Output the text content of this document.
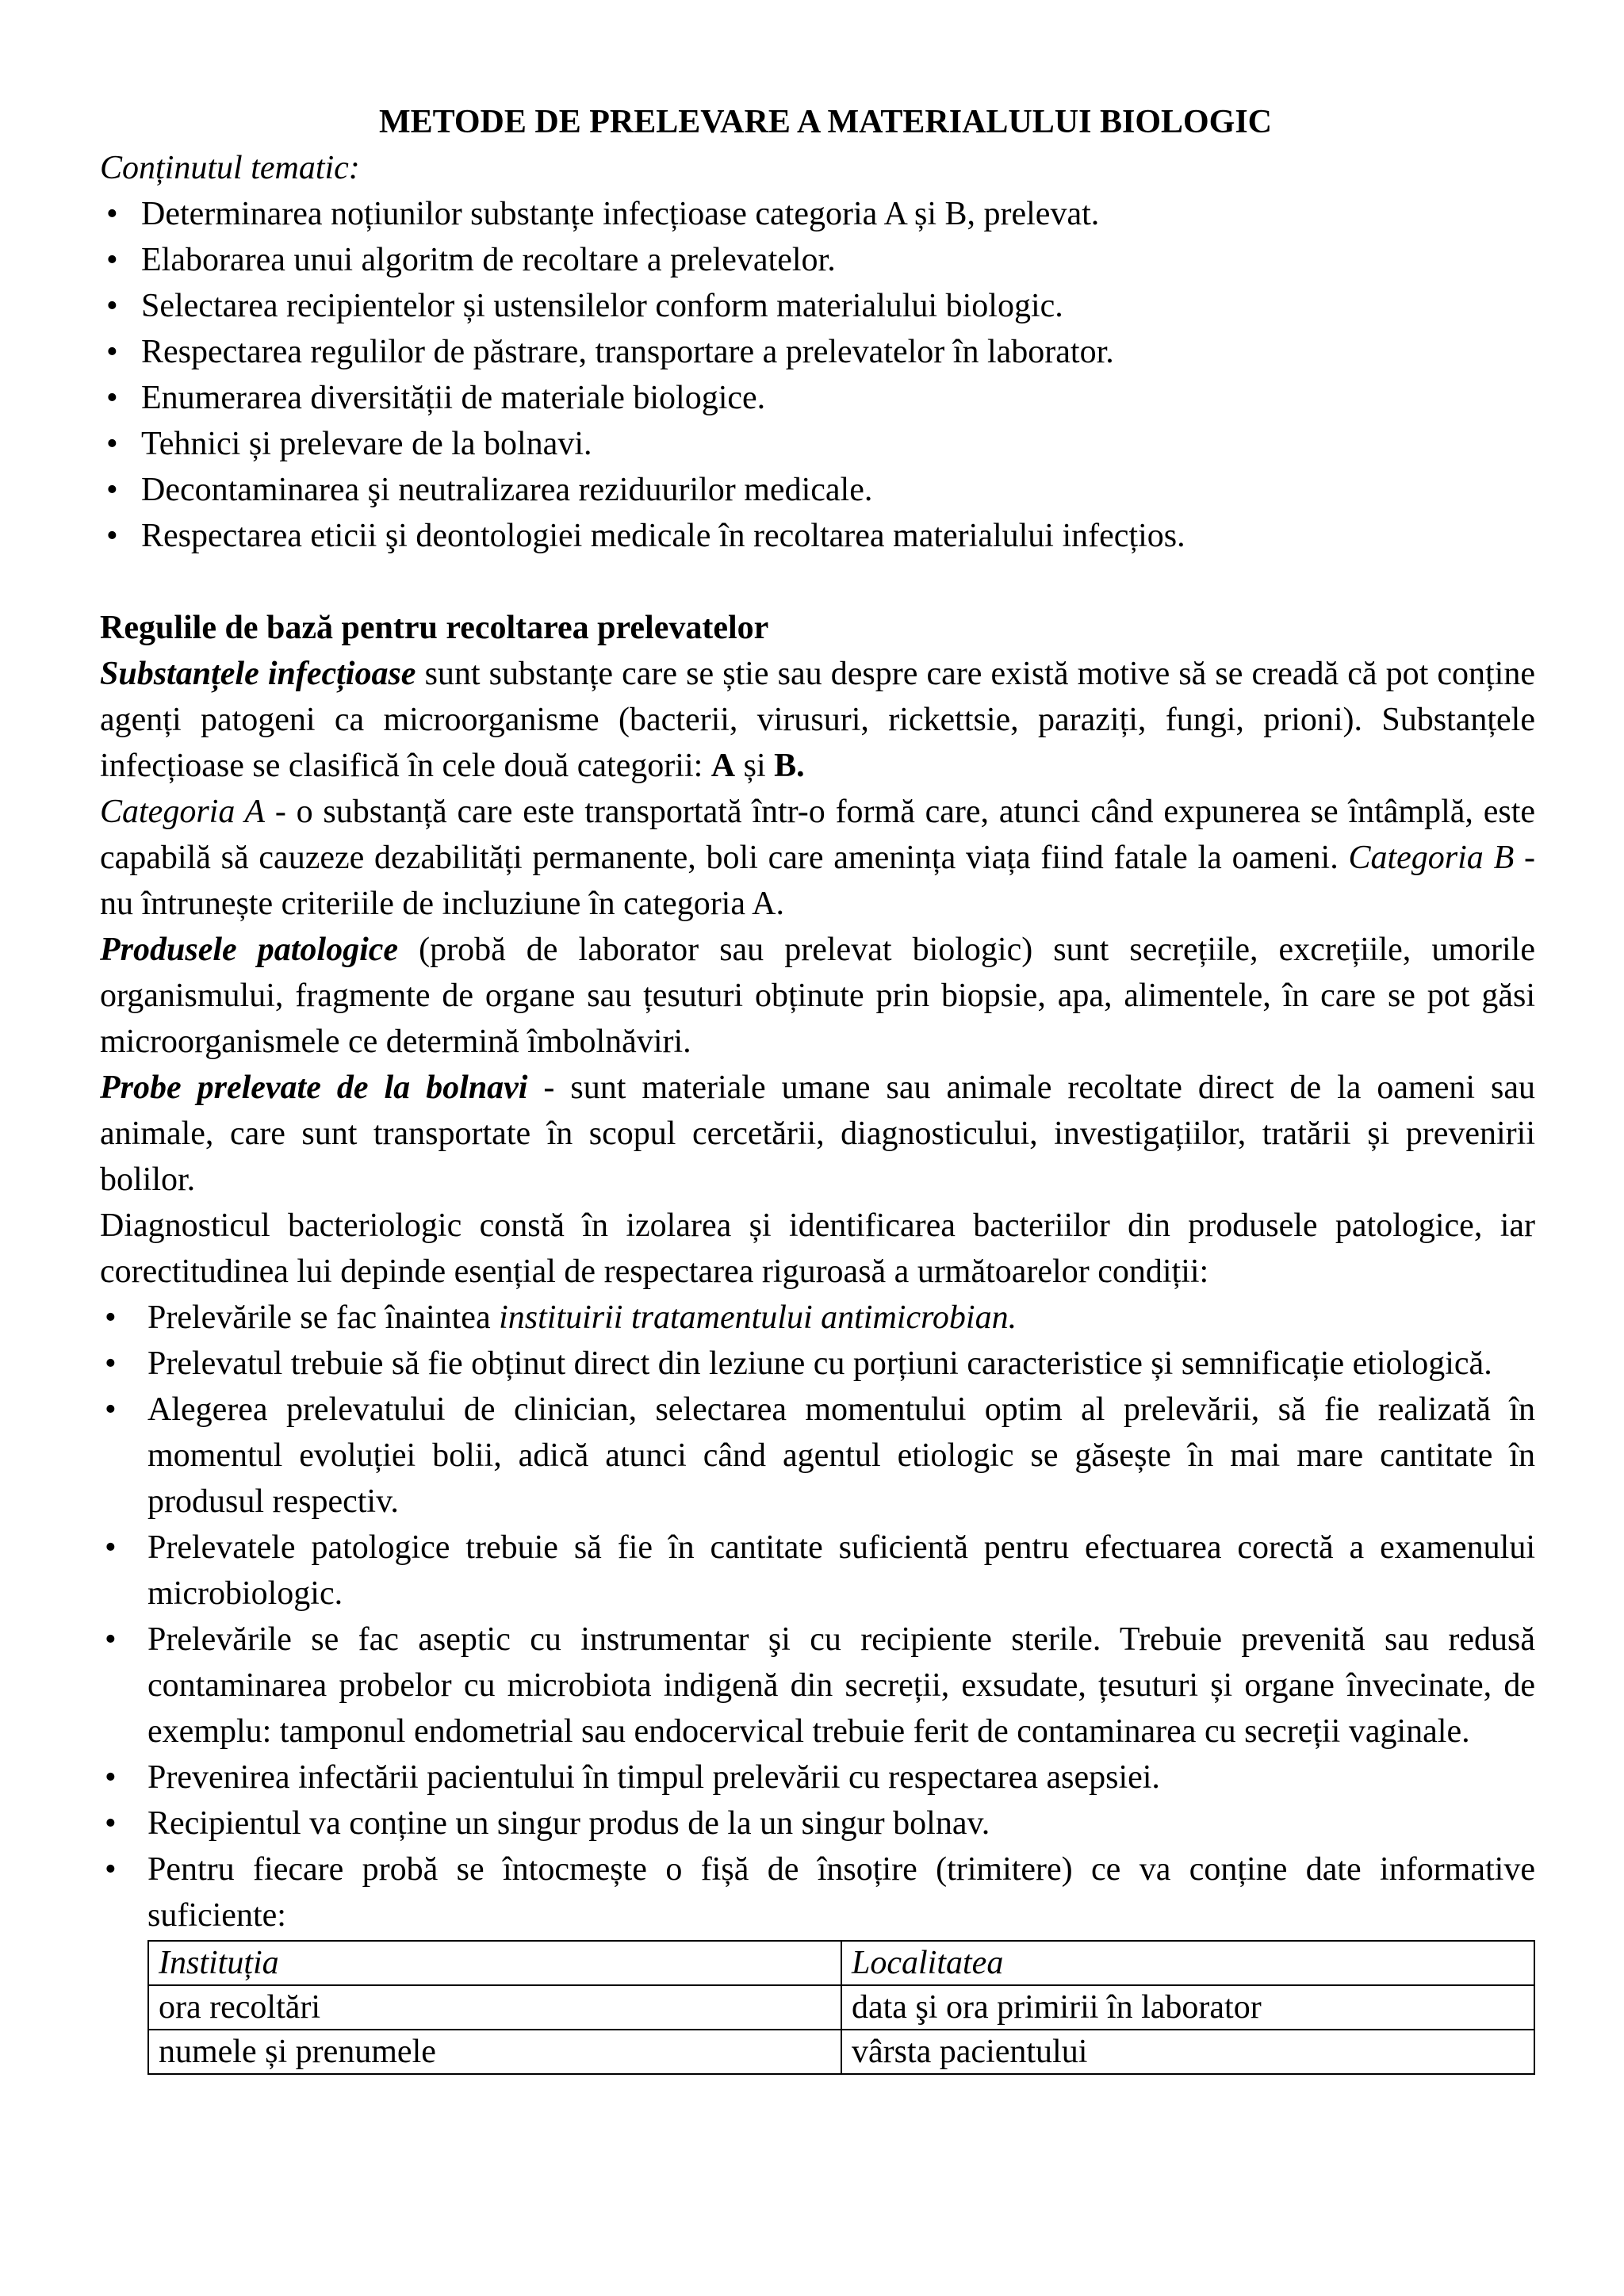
METODE DE PRELEVARE A MATERIALULUI BIOLOGIC

Conținutul tematic:

• Determinarea noțiunilor substanțe infecțioase categoria A și B, prelevat.
• Elaborarea unui algoritm de recoltare a prelevatelor.
• Selectarea recipientelor și ustensilelor conform materialului biologic.
• Respectarea regulilor de păstrare, transportare a prelevatelor în laborator.
• Enumerarea diversității de materiale biologice.
• Tehnici și prelevare de la bolnavi.
• Decontaminarea şi neutralizarea reziduurilor medicale.
• Respectarea eticii şi deontologiei medicale în recoltarea materialului infecțios.

Regulile de bază pentru recoltarea prelevatelor

Substanțele infecțioase sunt substanțe care se știe sau despre care există motive să se creadă că pot conține agenți patogeni ca microorganisme (bacterii, virusuri, rickettsie, paraziți, fungi, prioni). Substanțele infecțioase se clasifică în cele două categorii: A și B.

Categoria A - o substanță care este transportată într-o formă care, atunci când expunerea se întâmplă, este capabilă să cauzeze dezabilități permanente, boli care amenința viața fiind fatale la oameni. Categoria B - nu întrunește criteriile de incluziune în categoria A.

Produsele patologice (probă de laborator sau prelevat biologic) sunt secrețiile, excrețiile, umorile organismului, fragmente de organe sau țesuturi obținute prin biopsie, apa, alimentele, în care se pot găsi microorganismele ce determină îmbolnăviri.

Probe prelevate de la bolnavi - sunt materiale umane sau animale recoltate direct de la oameni sau animale, care sunt transportate în scopul cercetării, diagnosticului, investigațiilor, tratării și prevenirii bolilor.

Diagnosticul bacteriologic constă în izolarea și identificarea bacteriilor din produsele patologice, iar corectitudinea lui depinde esențial de respectarea riguroasă a următoarelor condiții:

• Prelevările se fac înaintea instituirii tratamentului antimicrobian.
• Prelevatul trebuie să fie obținut direct din leziune cu porțiuni caracteristice și semnificație etiologică.
• Alegerea prelevatului de clinician, selectarea momentului optim al prelevării, să fie realizată în momentul evoluției bolii, adică atunci când agentul etiologic se găsește în mai mare cantitate în produsul respectiv.
• Prelevatele patologice trebuie să fie în cantitate suficientă pentru efectuarea corectă a examenului microbiologic.
• Prelevările se fac aseptic cu instrumentar şi cu recipiente sterile. Trebuie prevenită sau redusă contaminarea probelor cu microbiota indigenă din secreții, exsudate, țesuturi și organe învecinate, de exemplu: tamponul endometrial sau endocervical trebuie ferit de contaminarea cu secreții vaginale.
• Prevenirea infectării pacientului în timpul prelevării cu respectarea asepsiei.
• Recipientul va conține un singur produs de la un singur bolnav.
• Pentru fiecare probă se întocmește o fișă de însoțire (trimitere) ce va conține date informative suficiente:
Instituția	Localitatea
ora recoltări	data şi ora primirii în laborator
numele și prenumele	vârsta pacientului
